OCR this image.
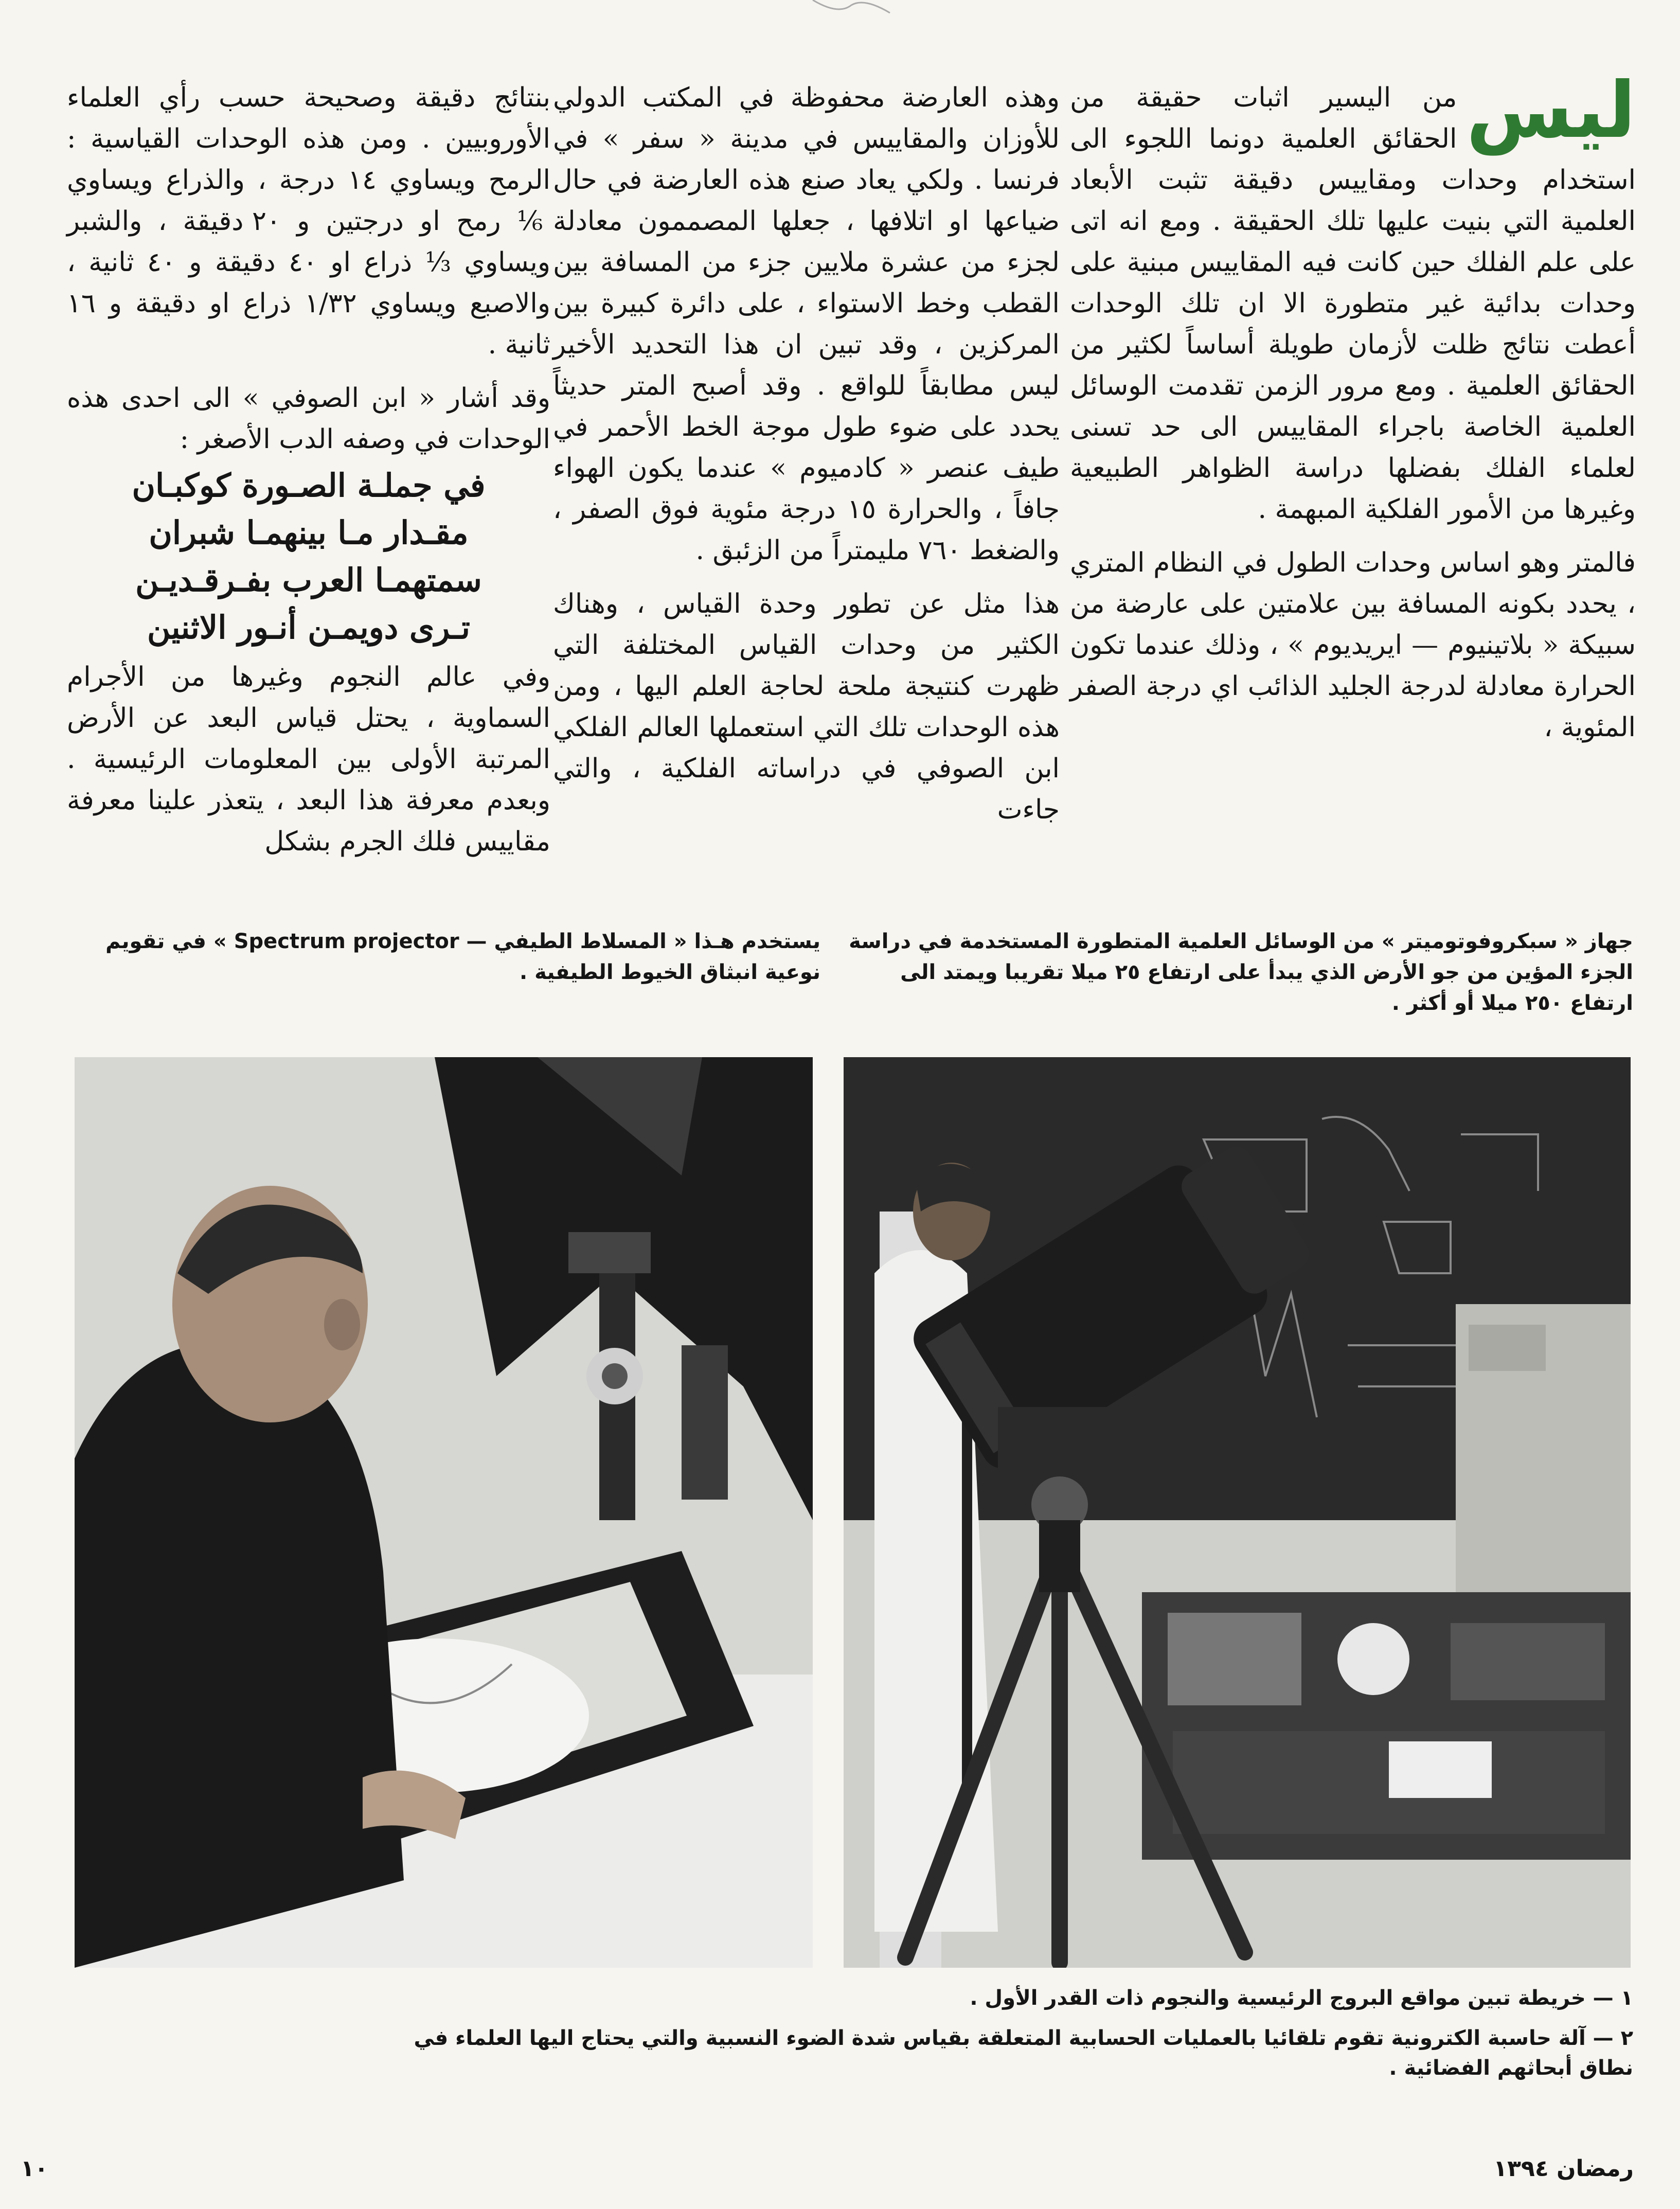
ليس
من اليسير اثبات حقيقة من الحقائق العلمية دونما اللجوء الى استخدام وحدات ومقاييس دقيقة تثبت الأبعاد العلمية التي بنيت عليها تلك الحقيقة . ومع انه اتى على علم الفلك حين كانت فيه المقاييس مبنية على وحدات بدائية غير متطورة الا ان تلك الوحدات أعطت نتائج ظلت لأزمان طويلة أساساً لكثير من الحقائق العلمية . ومع مرور الزمن تقدمت الوسائل العلمية الخاصة باجراء المقاييس الى حد تسنى لعلماء الفلك بفضلها دراسة الظواهر الطبيعية وغيرها من الأمور الفلكية المبهمة .

فالمتر وهو اساس وحدات الطول في النظام المتري ، يحدد بكونه المسافة بين علامتين على عارضة من سبيكة « بلاتينيوم — ايريديوم » ، وذلك عندما تكون الحرارة معادلة لدرجة الجليد الذائب اي درجة الصفر المئوية ،

وهذه العارضة محفوظة في المكتب الدولي للأوزان والمقاييس في مدينة « سفر » في فرنسا . ولكي يعاد صنع هذه العارضة في حال ضياعها او اتلافها ، جعلها المصممون معادلة لجزء من عشرة ملايين جزء من المسافة بين القطب وخط الاستواء ، على دائرة كبيرة بين المركزين ، وقد تبين ان هذا التحديد الأخير ليس مطابقاً للواقع . وقد أصبح المتر حديثاً يحدد على ضوء طول موجة الخط الأحمر في طيف عنصر « كادميوم » عندما يكون الهواء جافاً ، والحرارة ١٥ درجة مئوية فوق الصفر ، والضغط ٧٦٠ مليمتراً من الزئبق .

هذا مثل عن تطور وحدة القياس ، وهناك الكثير من وحدات القياس المختلفة التي ظهرت كنتيجة ملحة لحاجة العلم اليها ، ومن هذه الوحدات تلك التي استعملها العالم الفلكي ابن الصوفي في دراساته الفلكية ، والتي جاءت

بنتائج دقيقة وصحيحة حسب رأي العلماء الأوروبيين . ومن هذه الوحدات القياسية : الرمح ويساوي ١٤ درجة ، والذراع ويساوي ⅙ رمح او درجتين و ٢٠ دقيقة ، والشبر ويساوي ⅓ ذراع او ٤٠ دقيقة و ٤٠ ثانية ، والاصبع ويساوي ١/٣٢ ذراع او دقيقة و ١٦ ثانية .

وقد أشار « ابن الصوفي » الى احدى هذه الوحدات في وصفه الدب الأصغر :

في جملـة الصـورة كوكبـان
مقـدار مـا بينهمـا شبران
سمتهمـا العرب بفـرقـديـن
تـرى دويمـن أنـور الاثنين

وفي عالم النجوم وغيرها من الأجرام السماوية ، يحتل قياس البعد عن الأرض المرتبة الأولى بين المعلومات الرئيسية . وبعدم معرفة هذا البعد ، يتعذر علينا معرفة مقاييس فلك الجرم بشكل

جهاز « سبكروفوتوميتر » من الوسائل العلمية المتطورة المستخدمة في دراسة الجزء المؤين من جو الأرض الذي يبدأ على ارتفاع ٢٥ ميلا تقريبا ويمتد الى ارتفاع ٢٥٠ ميلا أو أكثر .
يستخدم هـذا « المسلاط الطيفي — Spectrum projector » في تقويم نوعية انبثاق الخيوط الطيفية .

١ — خريطة تبين مواقع البروج الرئيسية والنجوم ذات القدر الأول .

٢ — آلة حاسبة الكترونية تقوم تلقائيا بالعمليات الحسابية المتعلقة بقياس شدة الضوء النسبية والتي يحتاج اليها العلماء في نطاق أبحاثهم الفضائية .

رمضان ١٣٩٤
١٠
